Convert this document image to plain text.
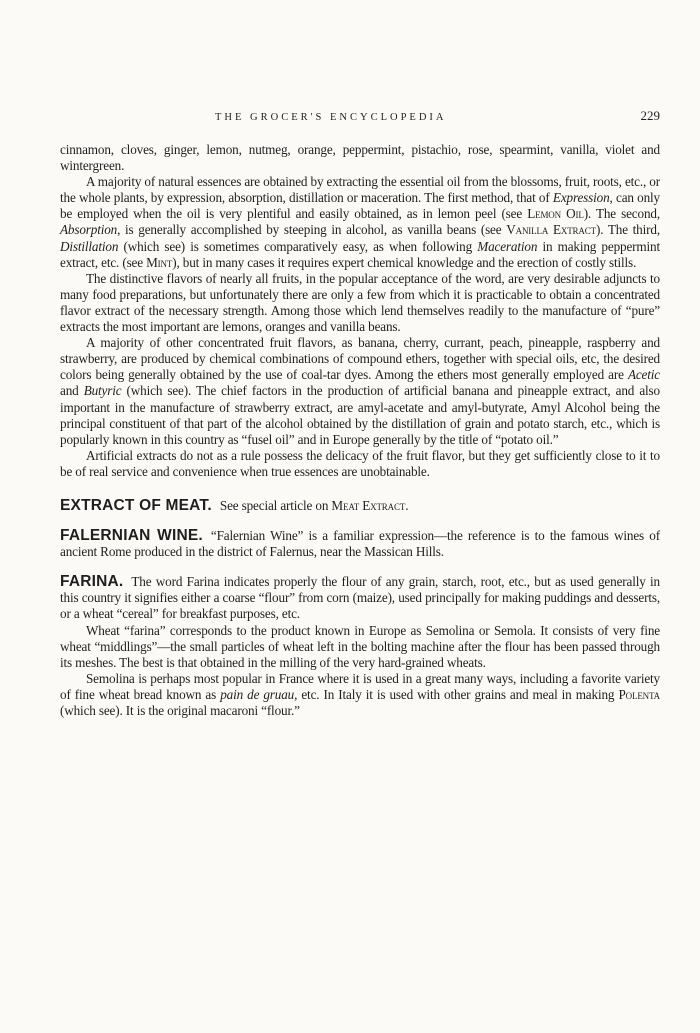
THE GROCER'S ENCYCLOPEDIA	229

cinnamon, cloves, ginger, lemon, nutmeg, orange, peppermint, pistachio, rose, spearmint, vanilla, violet and wintergreen.

A majority of natural essences are obtained by extracting the essential oil from the blossoms, fruit, roots, etc., or the whole plants, by expression, absorption, distillation or maceration. The first method, that of Expression, can only be employed when the oil is very plentiful and easily obtained, as in lemon peel (see Lemon Oil). The second, Absorption, is generally accomplished by steeping in alcohol, as vanilla beans (see Vanilla Extract). The third, Distillation (which see) is sometimes comparatively easy, as when following Maceration in making peppermint extract, etc. (see Mint), but in many cases it requires expert chemical knowledge and the erection of costly stills.

The distinctive flavors of nearly all fruits, in the popular acceptance of the word, are very desirable adjuncts to many food preparations, but unfortunately there are only a few from which it is practicable to obtain a concentrated flavor extract of the necessary strength. Among those which lend themselves readily to the manufacture of “pure” extracts the most important are lemons, oranges and vanilla beans.

A majority of other concentrated fruit flavors, as banana, cherry, currant, peach, pineapple, raspberry and strawberry, are produced by chemical combinations of compound ethers, together with special oils, etc, the desired colors being generally obtained by the use of coal-tar dyes. Among the ethers most generally employed are Acetic and Butyric (which see). The chief factors in the production of artificial banana and pineapple extract, and also important in the manufacture of strawberry extract, are amyl-acetate and amyl-butyrate, Amyl Alcohol being the principal constituent of that part of the alcohol obtained by the distillation of grain and potato starch, etc., which is popularly known in this country as “fusel oil” and in Europe generally by the title of “potato oil.”

Artificial extracts do not as a rule possess the delicacy of the fruit flavor, but they get sufficiently close to it to be of real service and convenience when true essences are unobtainable.

EXTRACT OF MEAT. See special article on Meat Extract.

FALERNIAN WINE. “Falernian Wine” is a familiar expression—the reference is to the famous wines of ancient Rome produced in the district of Falernus, near the Massican Hills.

FARINA. The word Farina indicates properly the flour of any grain, starch, root, etc., but as used generally in this country it signifies either a coarse “flour” from corn (maize), used principally for making puddings and desserts, or a wheat “cereal” for breakfast purposes, etc.

Wheat “farina” corresponds to the product known in Europe as Semolina or Semola. It consists of very fine wheat “middlings”—the small particles of wheat left in the bolting machine after the flour has been passed through its meshes. The best is that obtained in the milling of the very hard-grained wheats.

Semolina is perhaps most popular in France where it is used in a great many ways, including a favorite variety of fine wheat bread known as pain de gruau, etc. In Italy it is used with other grains and meal in making Polenta (which see). It is the original macaroni “flour.”
